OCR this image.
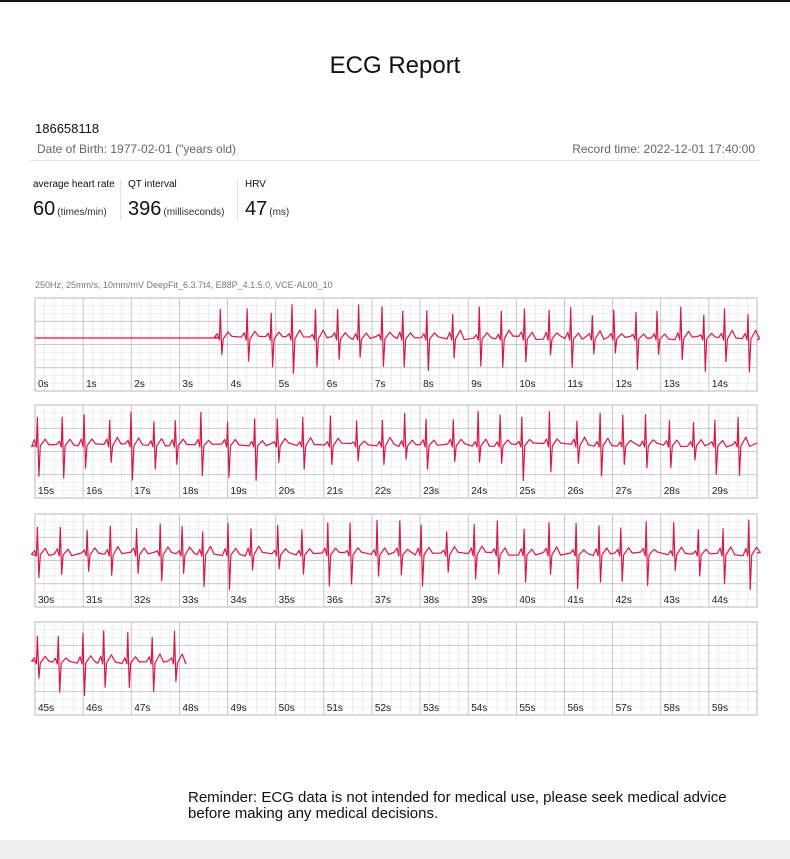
ECG Report
186658118
Date of Birth: 1977-02-01 ("years old)	Record time: 2022-12-01 17:40:00
average heart rate
60 (times/min)
QT interval
396 (milliseconds)
HRV
47 (ms)
250Hz, 25mm/s, 10mm/mV DeepFit_6.3.7t4, E88P_4.1.5.0, VCE-AL00_10
0s	1s	2s	3s	4s	5s	6s	7s	8s	9s	10s	11s	12s	13s	14s
15s	16s	17s	18s	19s	20s	21s	22s	23s	24s	25s	26s	27s	28s	29s
30s	31s	32s	33s	34s	35s	36s	37s	38s	39s	40s	41s	42s	43s	44s
45s	46s	47s	48s	49s	50s	51s	52s	53s	54s	55s	56s	57s	58s	59s
Reminder: ECG data is not intended for medical use, please seek medical advice before making any medical decisions.
